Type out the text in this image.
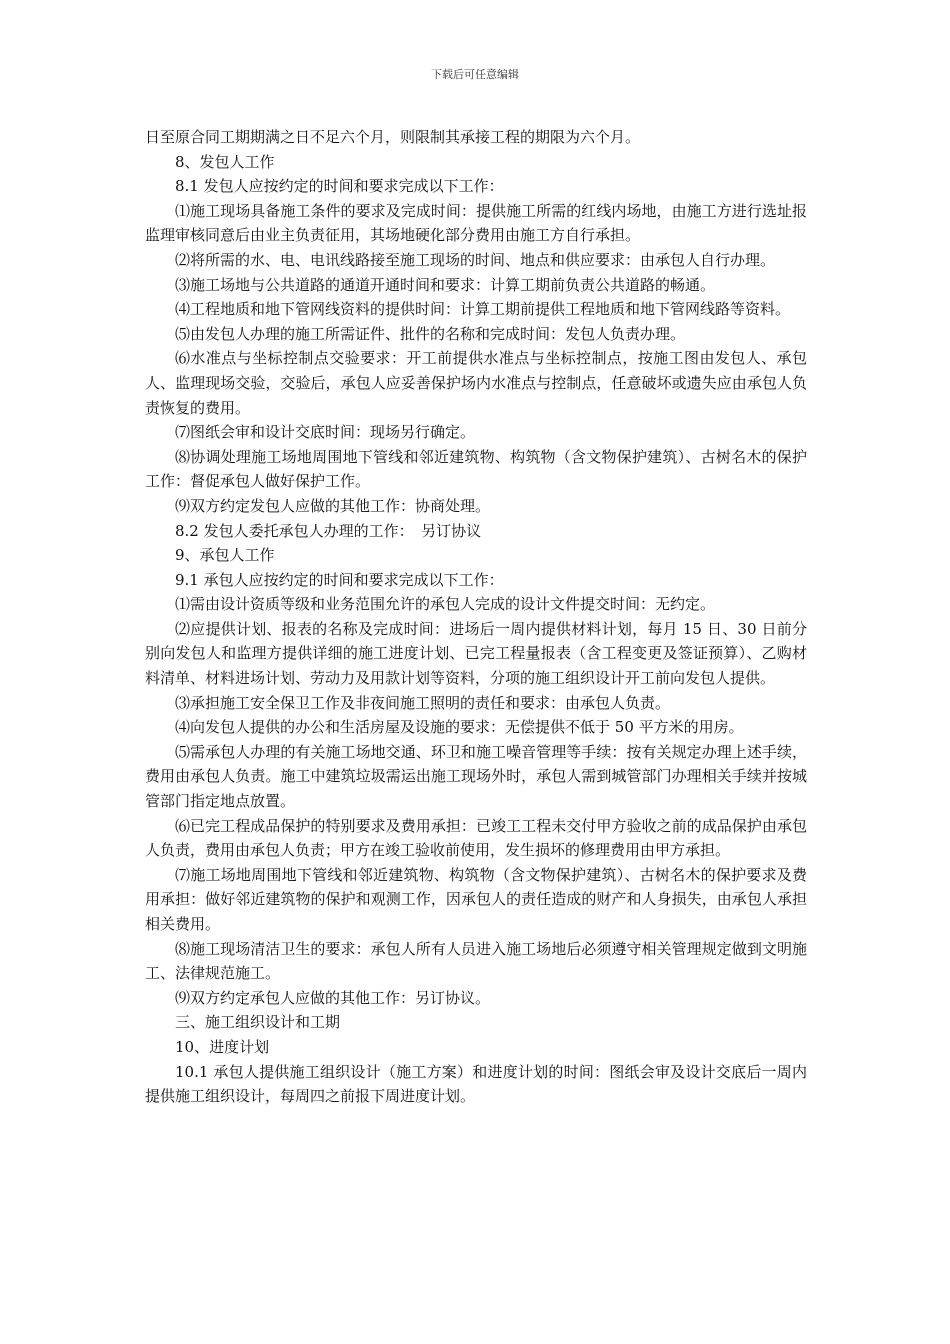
下载后可任意编辑

日至原合同工期期满之日不足六个月，则限制其承接工程的期限为六个月。

8、发包人工作

8.1 发包人应按约定的时间和要求完成以下工作：

⑴施工现场具备施工条件的要求及完成时间：提供施工所需的红线内场地，由施工方进行选址报监理审核同意后由业主负责征用，其场地硬化部分费用由施工方自行承担。

⑵将所需的水、电、电讯线路接至施工现场的时间、地点和供应要求：由承包人自行办理。

⑶施工场地与公共道路的通道开通时间和要求：计算工期前负责公共道路的畅通。

⑷工程地质和地下管网线资料的提供时间：计算工期前提供工程地质和地下管网线路等资料。

⑸由发包人办理的施工所需证件、批件的名称和完成时间：发包人负责办理。

⑹水准点与坐标控制点交验要求：开工前提供水准点与坐标控制点，按施工图由发包人、承包人、监理现场交验，交验后，承包人应妥善保护场内水准点与控制点，任意破坏或遗失应由承包人负责恢复的费用。

⑺图纸会审和设计交底时间：现场另行确定。

⑻协调处理施工场地周围地下管线和邻近建筑物、构筑物（含文物保护建筑）、古树名木的保护工作：督促承包人做好保护工作。

⑼双方约定发包人应做的其他工作：协商处理。

8.2 发包人委托承包人办理的工作：　另订协议

9、承包人工作

9.1 承包人应按约定的时间和要求完成以下工作：

⑴需由设计资质等级和业务范围允许的承包人完成的设计文件提交时间：无约定。

⑵应提供计划、报表的名称及完成时间：进场后一周内提供材料计划，每月 15 日、30 日前分别向发包人和监理方提供详细的施工进度计划、已完工程量报表（含工程变更及签证预算）、乙购材料清单、材料进场计划、劳动力及用款计划等资料，分项的施工组织设计开工前向发包人提供。

⑶承担施工安全保卫工作及非夜间施工照明的责任和要求：由承包人负责。

⑷向发包人提供的办公和生活房屋及设施的要求：无偿提供不低于 50 平方米的用房。

⑸需承包人办理的有关施工场地交通、环卫和施工噪音管理等手续：按有关规定办理上述手续，费用由承包人负责。施工中建筑垃圾需运出施工现场外时，承包人需到城管部门办理相关手续并按城管部门指定地点放置。

⑹已完工程成品保护的特别要求及费用承担：已竣工工程未交付甲方验收之前的成品保护由承包人负责，费用由承包人负责；甲方在竣工验收前使用，发生损坏的修理费用由甲方承担。

⑺施工场地周围地下管线和邻近建筑物、构筑物（含文物保护建筑）、古树名木的保护要求及费用承担：做好邻近建筑物的保护和观测工作，因承包人的责任造成的财产和人身损失，由承包人承担相关费用。

⑻施工现场清洁卫生的要求：承包人所有人员进入施工场地后必须遵守相关管理规定做到文明施工、法律规范施工。

⑼双方约定承包人应做的其他工作：另订协议。

三、施工组织设计和工期

10、进度计划

10.1 承包人提供施工组织设计（施工方案）和进度计划的时间：图纸会审及设计交底后一周内提供施工组织设计，每周四之前报下周进度计划。
